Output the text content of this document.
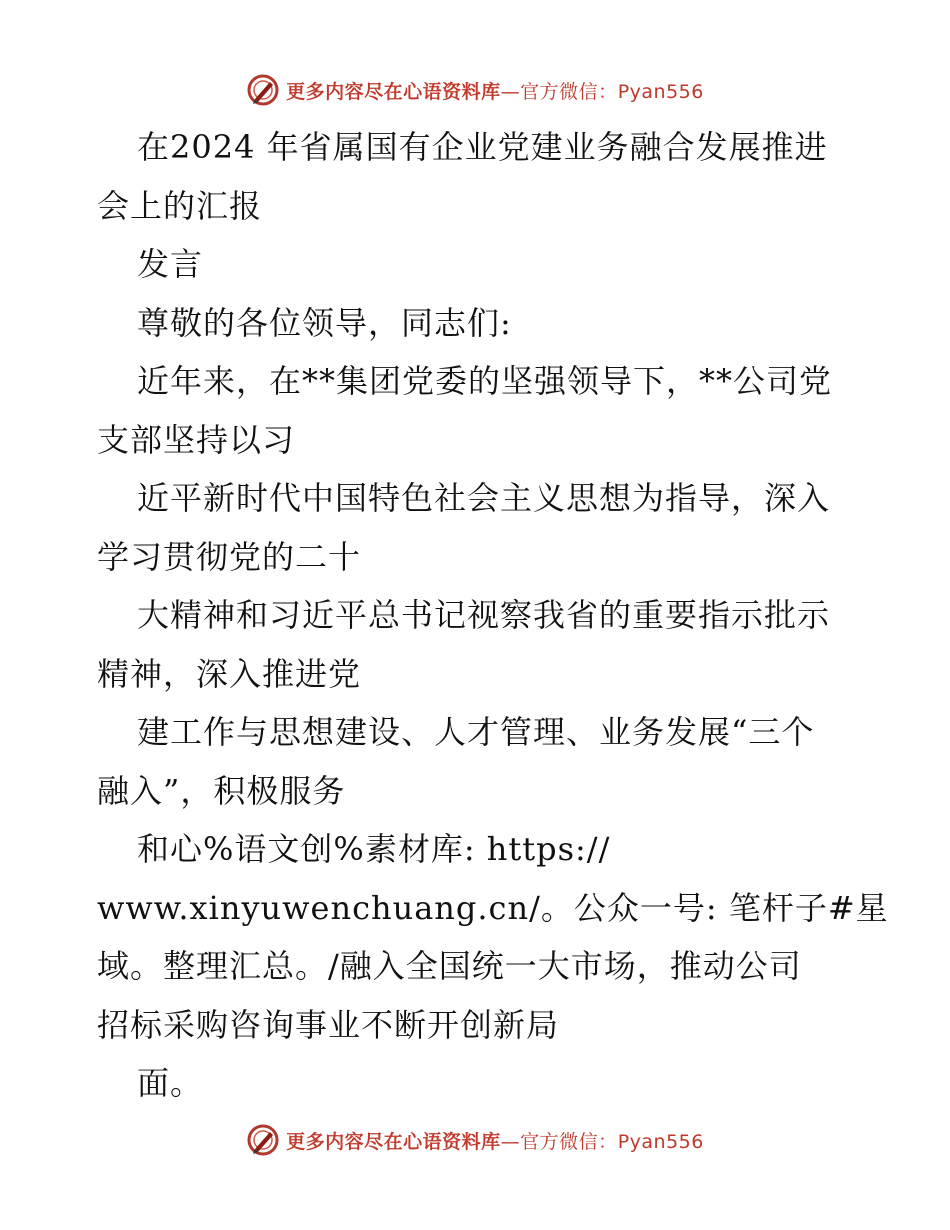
更多内容尽在心语资料库—官方微信：Pyan556
在2024 年省属国有企业党建业务融合发展推进
会上的汇报
发言
尊敬的各位领导，同志们:
近年来，在**集团党委的坚强领导下，**公司党
支部坚持以习
近平新时代中国特色社会主义思想为指导，深入
学习贯彻党的二十
大精神和习近平总书记视察我省的重要指示批示
精神，深入推进党
建工作与思想建设、人才管理、业务发展“三个
融入”，积极服务
和心%语文创%素材库: https://
www.xinyuwenchuang.cn/。公众一号: 笔杆子#星
域。整理汇总。/融入全国统一大市场，推动公司
招标采购咨询事业不断开创新局
面。
更多内容尽在心语资料库—官方微信：Pyan556
